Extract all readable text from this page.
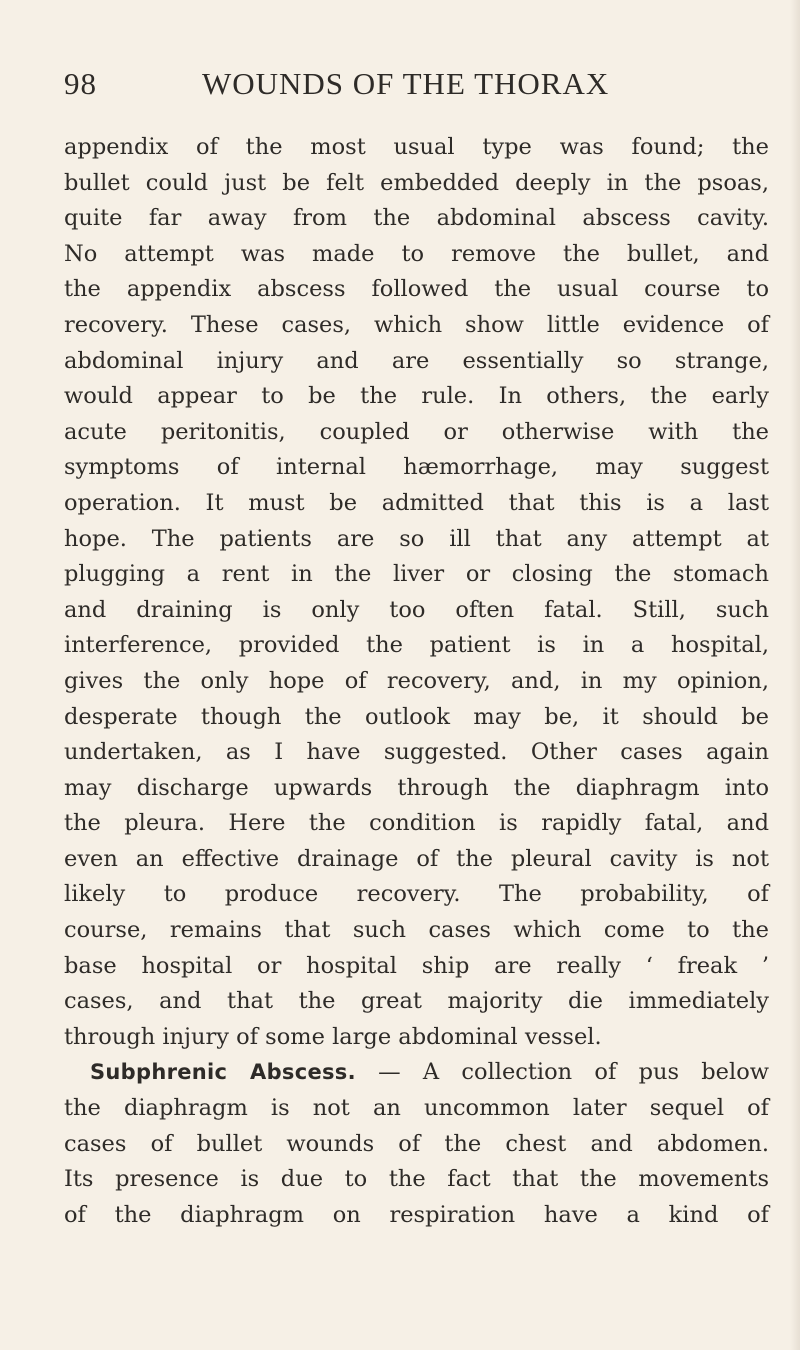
98	WOUNDS OF THE THORAX
appendix of the most usual type was found; the
bullet could just be felt embedded deeply in the psoas,
quite far away from the abdominal abscess cavity.
No attempt was made to remove the bullet, and
the appendix abscess followed the usual course to
recovery. These cases, which show little evidence of
abdominal injury and are essentially so strange,
would appear to be the rule. In others, the early
acute peritonitis, coupled or otherwise with the
symptoms of internal hæmorrhage, may suggest
operation. It must be admitted that this is a last
hope. The patients are so ill that any attempt at
plugging a rent in the liver or closing the stomach
and draining is only too often fatal. Still, such
interference, provided the patient is in a hospital,
gives the only hope of recovery, and, in my opinion,
desperate though the outlook may be, it should be
undertaken, as I have suggested. Other cases again
may discharge upwards through the diaphragm into
the pleura. Here the condition is rapidly fatal, and
even an effective drainage of the pleural cavity is not
likely to produce recovery. The probability, of
course, remains that such cases which come to the
base hospital or hospital ship are really ‘ freak ’
cases, and that the great majority die immediately
through injury of some large abdominal vessel.
Subphrenic Abscess. — A collection of pus below
the diaphragm is not an uncommon later sequel of
cases of bullet wounds of the chest and abdomen.
Its presence is due to the fact that the movements
of the diaphragm on respiration have a kind of
